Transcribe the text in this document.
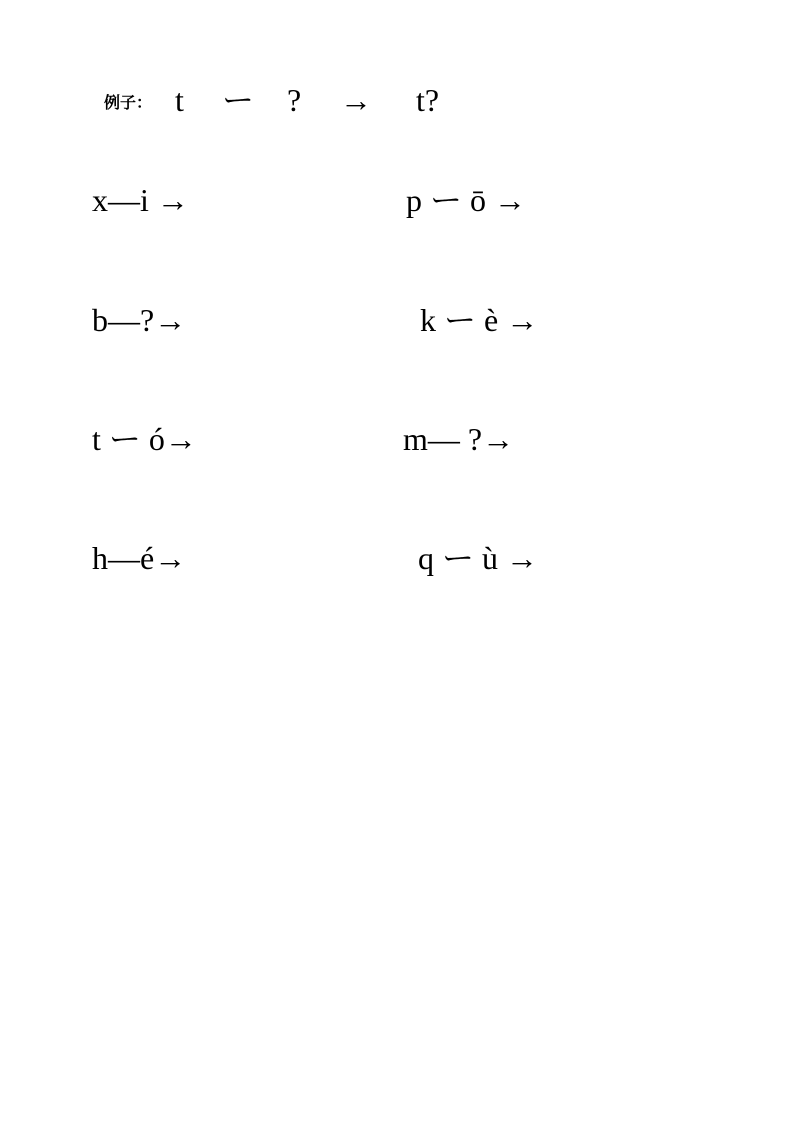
例子： t ー ? → t?
x—i →	p ー ō →
b—?→	k ー è →
t ー ó→	m— ?→
h—é→	q ー ù →
